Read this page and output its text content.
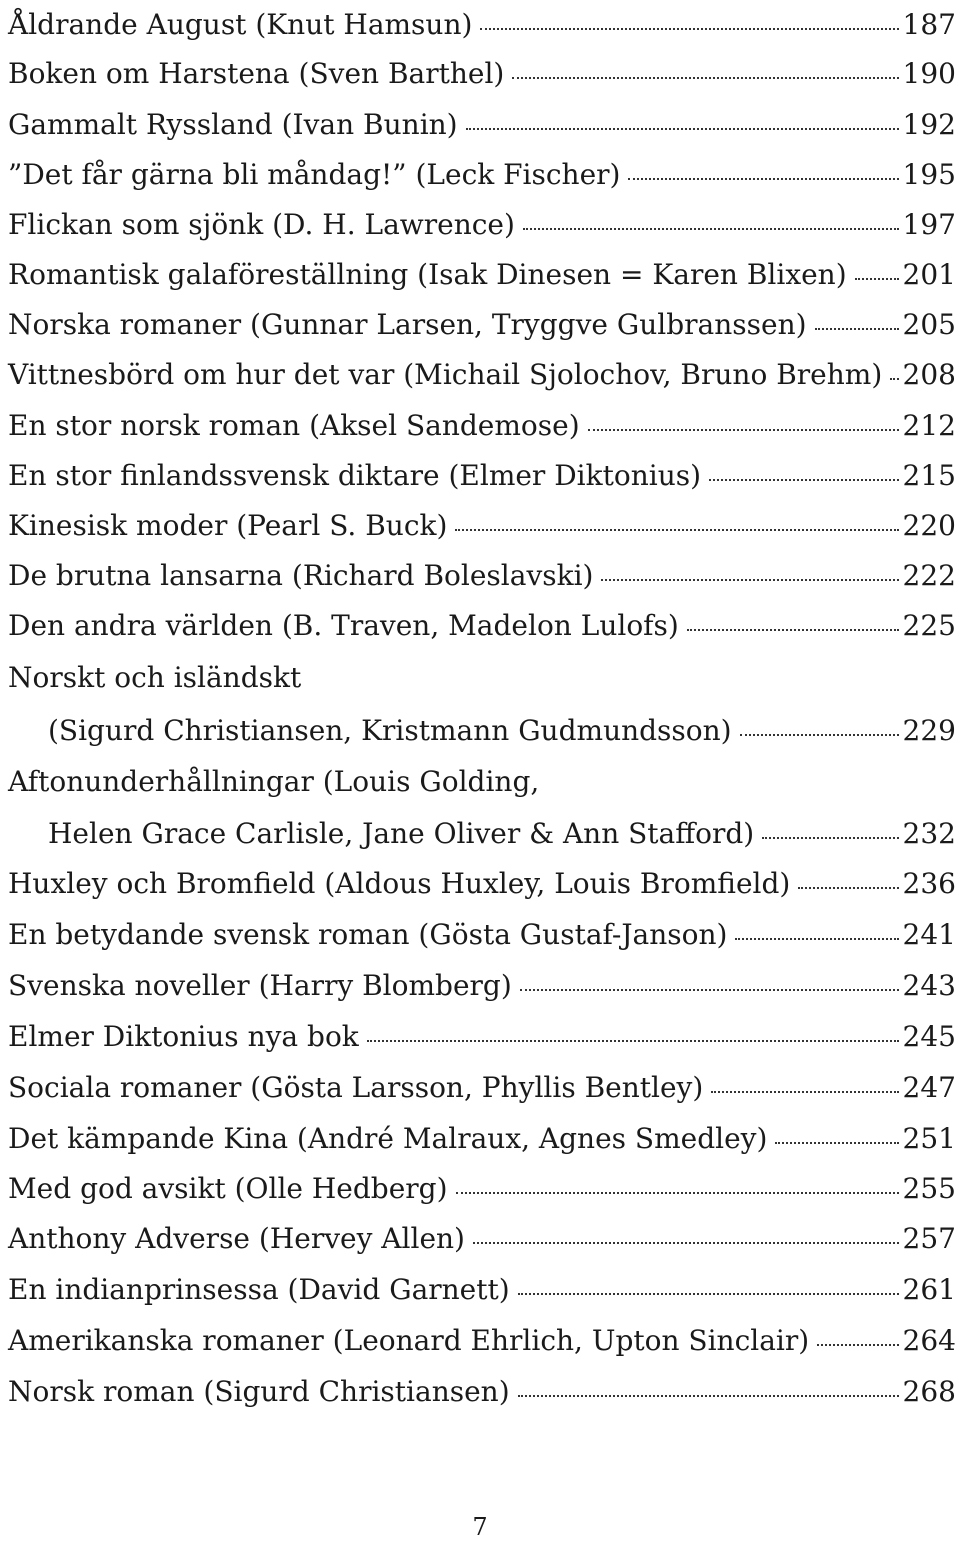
Åldrande August (Knut Hamsun)	187
Boken om Harstena (Sven Barthel)	190
Gammalt Ryssland (Ivan Bunin)	192
”Det får gärna bli måndag!” (Leck Fischer)	195
Flickan som sjönk (D. H. Lawrence)	197
Romantisk galaföreställning (Isak Dinesen = Karen Blixen) 201
Norska romaner (Gunnar Larsen, Tryggve Gulbranssen)	205
Vittnesbörd om hur det var (Michail Sjolochov, Bruno Brehm) 208
En stor norsk roman (Aksel Sandemose)	212
En stor finlandssvensk diktare (Elmer Diktonius)	215
Kinesisk moder (Pearl S. Buck)	220
De brutna lansarna (Richard Boleslavski)	222
Den andra världen (B. Traven, Madelon Lulofs)	225
Norskt och isländskt
(Sigurd Christiansen, Kristmann Gudmundsson)	229
Aftonunderhållningar (Louis Golding,
Helen Grace Carlisle, Jane Oliver & Ann Stafford)	232
Huxley och Bromfield (Aldous Huxley, Louis Bromfield)	236
En betydande svensk roman (Gösta Gustaf-Janson)	241
Svenska noveller (Harry Blomberg)	243
Elmer Diktonius nya bok	245
Sociala romaner (Gösta Larsson, Phyllis Bentley)	247
Det kämpande Kina (André Malraux, Agnes Smedley)	251
Med god avsikt (Olle Hedberg)	255
Anthony Adverse (Hervey Allen)	257
En indianprinsessa (David Garnett)	261
Amerikanska romaner (Leonard Ehrlich, Upton Sinclair)	264
Norsk roman (Sigurd Christiansen)	268
7
